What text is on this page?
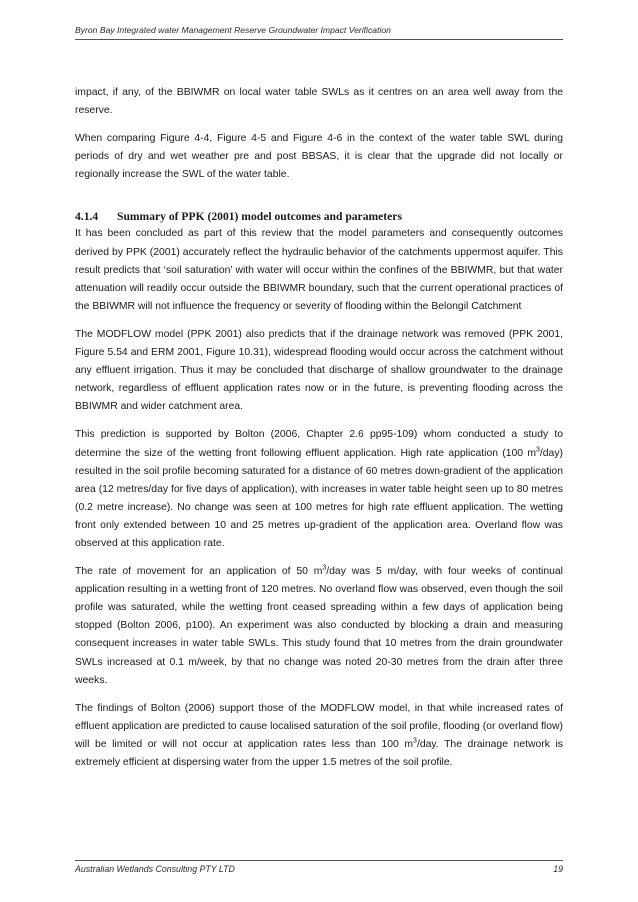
Byron Bay Integrated water Management Reserve Groundwater Impact Verification

impact, if any, of the BBIWMR on local water table SWLs as it centres on an area well away from the reserve.

When comparing Figure 4-4, Figure 4-5 and Figure 4-6 in the context of the water table SWL during periods of dry and wet weather pre and post BBSAS, it is clear that the upgrade did not locally or regionally increase the SWL of the water table.

4.1.4 Summary of PPK (2001) model outcomes and parameters

It has been concluded as part of this review that the model parameters and consequently outcomes derived by PPK (2001) accurately reflect the hydraulic behavior of the catchments uppermost aquifer. This result predicts that ‘soil saturation’ with water will occur within the confines of the BBIWMR, but that water attenuation will readily occur outside the BBIWMR boundary, such that the current operational practices of the BBIWMR will not influence the frequency or severity of flooding within the Belongil Catchment

The MODFLOW model (PPK 2001) also predicts that if the drainage network was removed (PPK 2001, Figure 5.54 and ERM 2001, Figure 10.31), widespread flooding would occur across the catchment without any effluent irrigation. Thus it may be concluded that discharge of shallow groundwater to the drainage network, regardless of effluent application rates now or in the future, is preventing flooding across the BBIWMR and wider catchment area.

This prediction is supported by Bolton (2006, Chapter 2.6 pp95-109) whom conducted a study to determine the size of the wetting front following effluent application. High rate application (100 $m^3/day$) resulted in the soil profile becoming saturated for a distance of 60 metres down-gradient of the application area (12 metres/day for five days of application), with increases in water table height seen up to 80 metres (0.2 metre increase). No change was seen at 100 metres for high rate effluent application. The wetting front only extended between 10 and 25 metres up-gradient of the application area. Overland flow was observed at this application rate.

The rate of movement for an application of 50 $m^3$/day was 5 m/day, with four weeks of continual application resulting in a wetting front of 120 metres. No overland flow was observed, even though the soil profile was saturated, while the wetting front ceased spreading within a few days of application being stopped (Bolton 2006, p100). An experiment was also conducted by blocking a drain and measuring consequent increases in water table SWLs. This study found that 10 metres from the drain groundwater SWLs increased at 0.1 m/week, by that no change was noted 20-30 metres from the drain after three weeks.

The findings of Bolton (2006) support those of the MODFLOW model, in that while increased rates of effluent application are predicted to cause localised saturation of the soil profile, flooding (or overland flow) will be limited or will not occur at application rates less than 100 $m^3$/day. The drainage network is extremely efficient at dispersing water from the upper 1.5 metres of the soil profile.

Australian Wetlands Consulting PTY LTD	19
